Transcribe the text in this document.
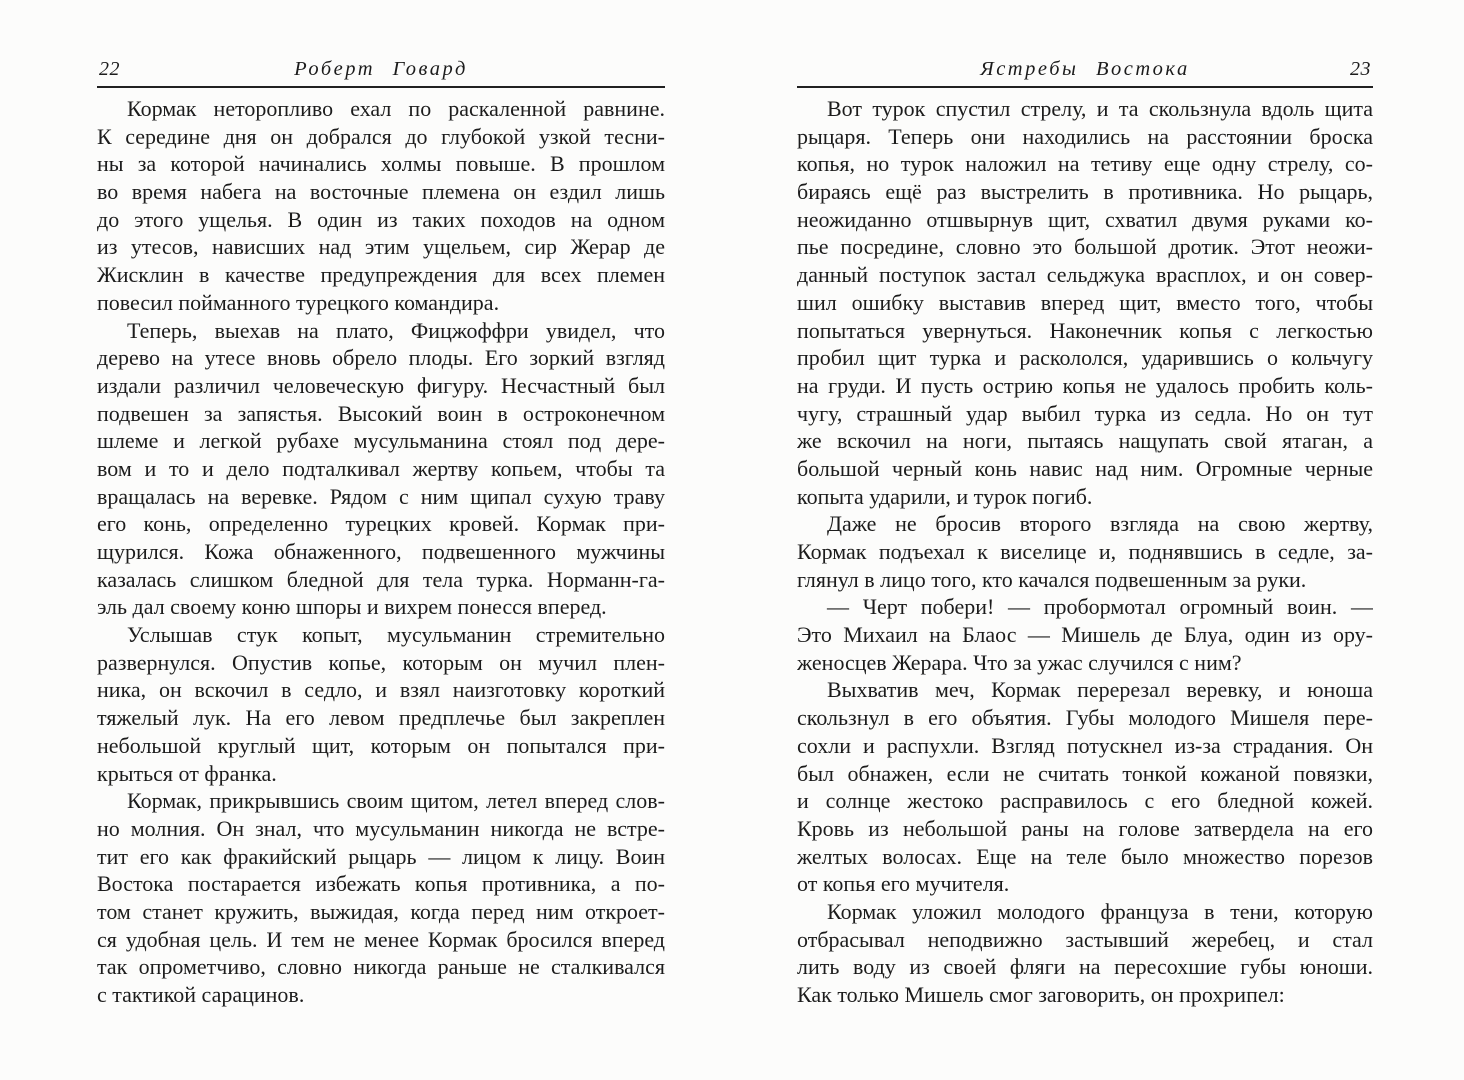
22	Роберт Говард
Кормак неторопливо ехал по раскаленной равнине.
К середине дня он добрался до глубокой узкой тесни-
ны за которой начинались холмы повыше. В прошлом
во время набега на восточные племена он ездил лишь
до этого ущелья. В один из таких походов на одном
из утесов, нависших над этим ущельем, сир Жерар де
Жисклин в качестве предупреждения для всех племен
повесил пойманного турецкого командира.
Теперь, выехав на плато, Фицжоффри увидел, что
дерево на утесе вновь обрело плоды. Его зоркий взгляд
издали различил человеческую фигуру. Несчастный был
подвешен за запястья. Высокий воин в остроконечном
шлеме и легкой рубахе мусульманина стоял под дере-
вом и то и дело подталкивал жертву копьем, чтобы та
вращалась на веревке. Рядом с ним щипал сухую траву
его конь, определенно турецких кровей. Кормак при-
щурился. Кожа обнаженного, подвешенного мужчины
казалась слишком бледной для тела турка. Норманн-га-
эль дал своему коню шпоры и вихрем понесся вперед.
Услышав стук копыт, мусульманин стремительно
развернулся. Опустив копье, которым он мучил плен-
ника, он вскочил в седло, и взял наизготовку короткий
тяжелый лук. На его левом предплечье был закреплен
небольшой круглый щит, которым он попытался при-
крыться от франка.
Кормак, прикрывшись своим щитом, летел вперед слов-
но молния. Он знал, что мусульманин никогда не встре-
тит его как фракийский рыцарь — лицом к лицу. Воин
Востока постарается избежать копья противника, а по-
том станет кружить, выжидая, когда перед ним откроет-
ся удобная цель. И тем не менее Кормак бросился вперед
так опрометчиво, словно никогда раньше не сталкивался
с тактикой сарацинов.
Ястребы Востока	23
Вот турок спустил стрелу, и та скользнула вдоль щита
рыцаря. Теперь они находились на расстоянии броска
копья, но турок наложил на тетиву еще одну стрелу, со-
бираясь ещё раз выстрелить в противника. Но рыцарь,
неожиданно отшвырнув щит, схватил двумя руками ко-
пье посредине, словно это большой дротик. Этот неожи-
данный поступок застал сельджука врасплох, и он совер-
шил ошибку выставив вперед щит, вместо того, чтобы
попытаться увернуться. Наконечник копья с легкостью
пробил щит турка и раскололся, ударившись о кольчугу
на груди. И пусть острию копья не удалось пробить коль-
чугу, страшный удар выбил турка из седла. Но он тут
же вскочил на ноги, пытаясь нащупать свой ятаган, а
большой черный конь навис над ним. Огромные черные
копыта ударили, и турок погиб.
Даже не бросив второго взгляда на свою жертву,
Кормак подъехал к виселице и, поднявшись в седле, за-
глянул в лицо того, кто качался подвешенным за руки.
— Черт побери! — пробормотал огромный воин. —
Это Михаил на Блаос — Мишель де Блуа, один из ору-
женосцев Жерара. Что за ужас случился с ним?
Выхватив меч, Кормак перерезал веревку, и юноша
скользнул в его объятия. Губы молодого Мишеля пере-
сохли и распухли. Взгляд потускнел из-за страдания. Он
был обнажен, если не считать тонкой кожаной повязки,
и солнце жестоко расправилось с его бледной кожей.
Кровь из небольшой раны на голове затвердела на его
желтых волосах. Еще на теле было множество порезов
от копья его мучителя.
Кормак уложил молодого француза в тени, которую
отбрасывал неподвижно застывший жеребец, и стал
лить воду из своей фляги на пересохшие губы юноши.
Как только Мишель смог заговорить, он прохрипел:
